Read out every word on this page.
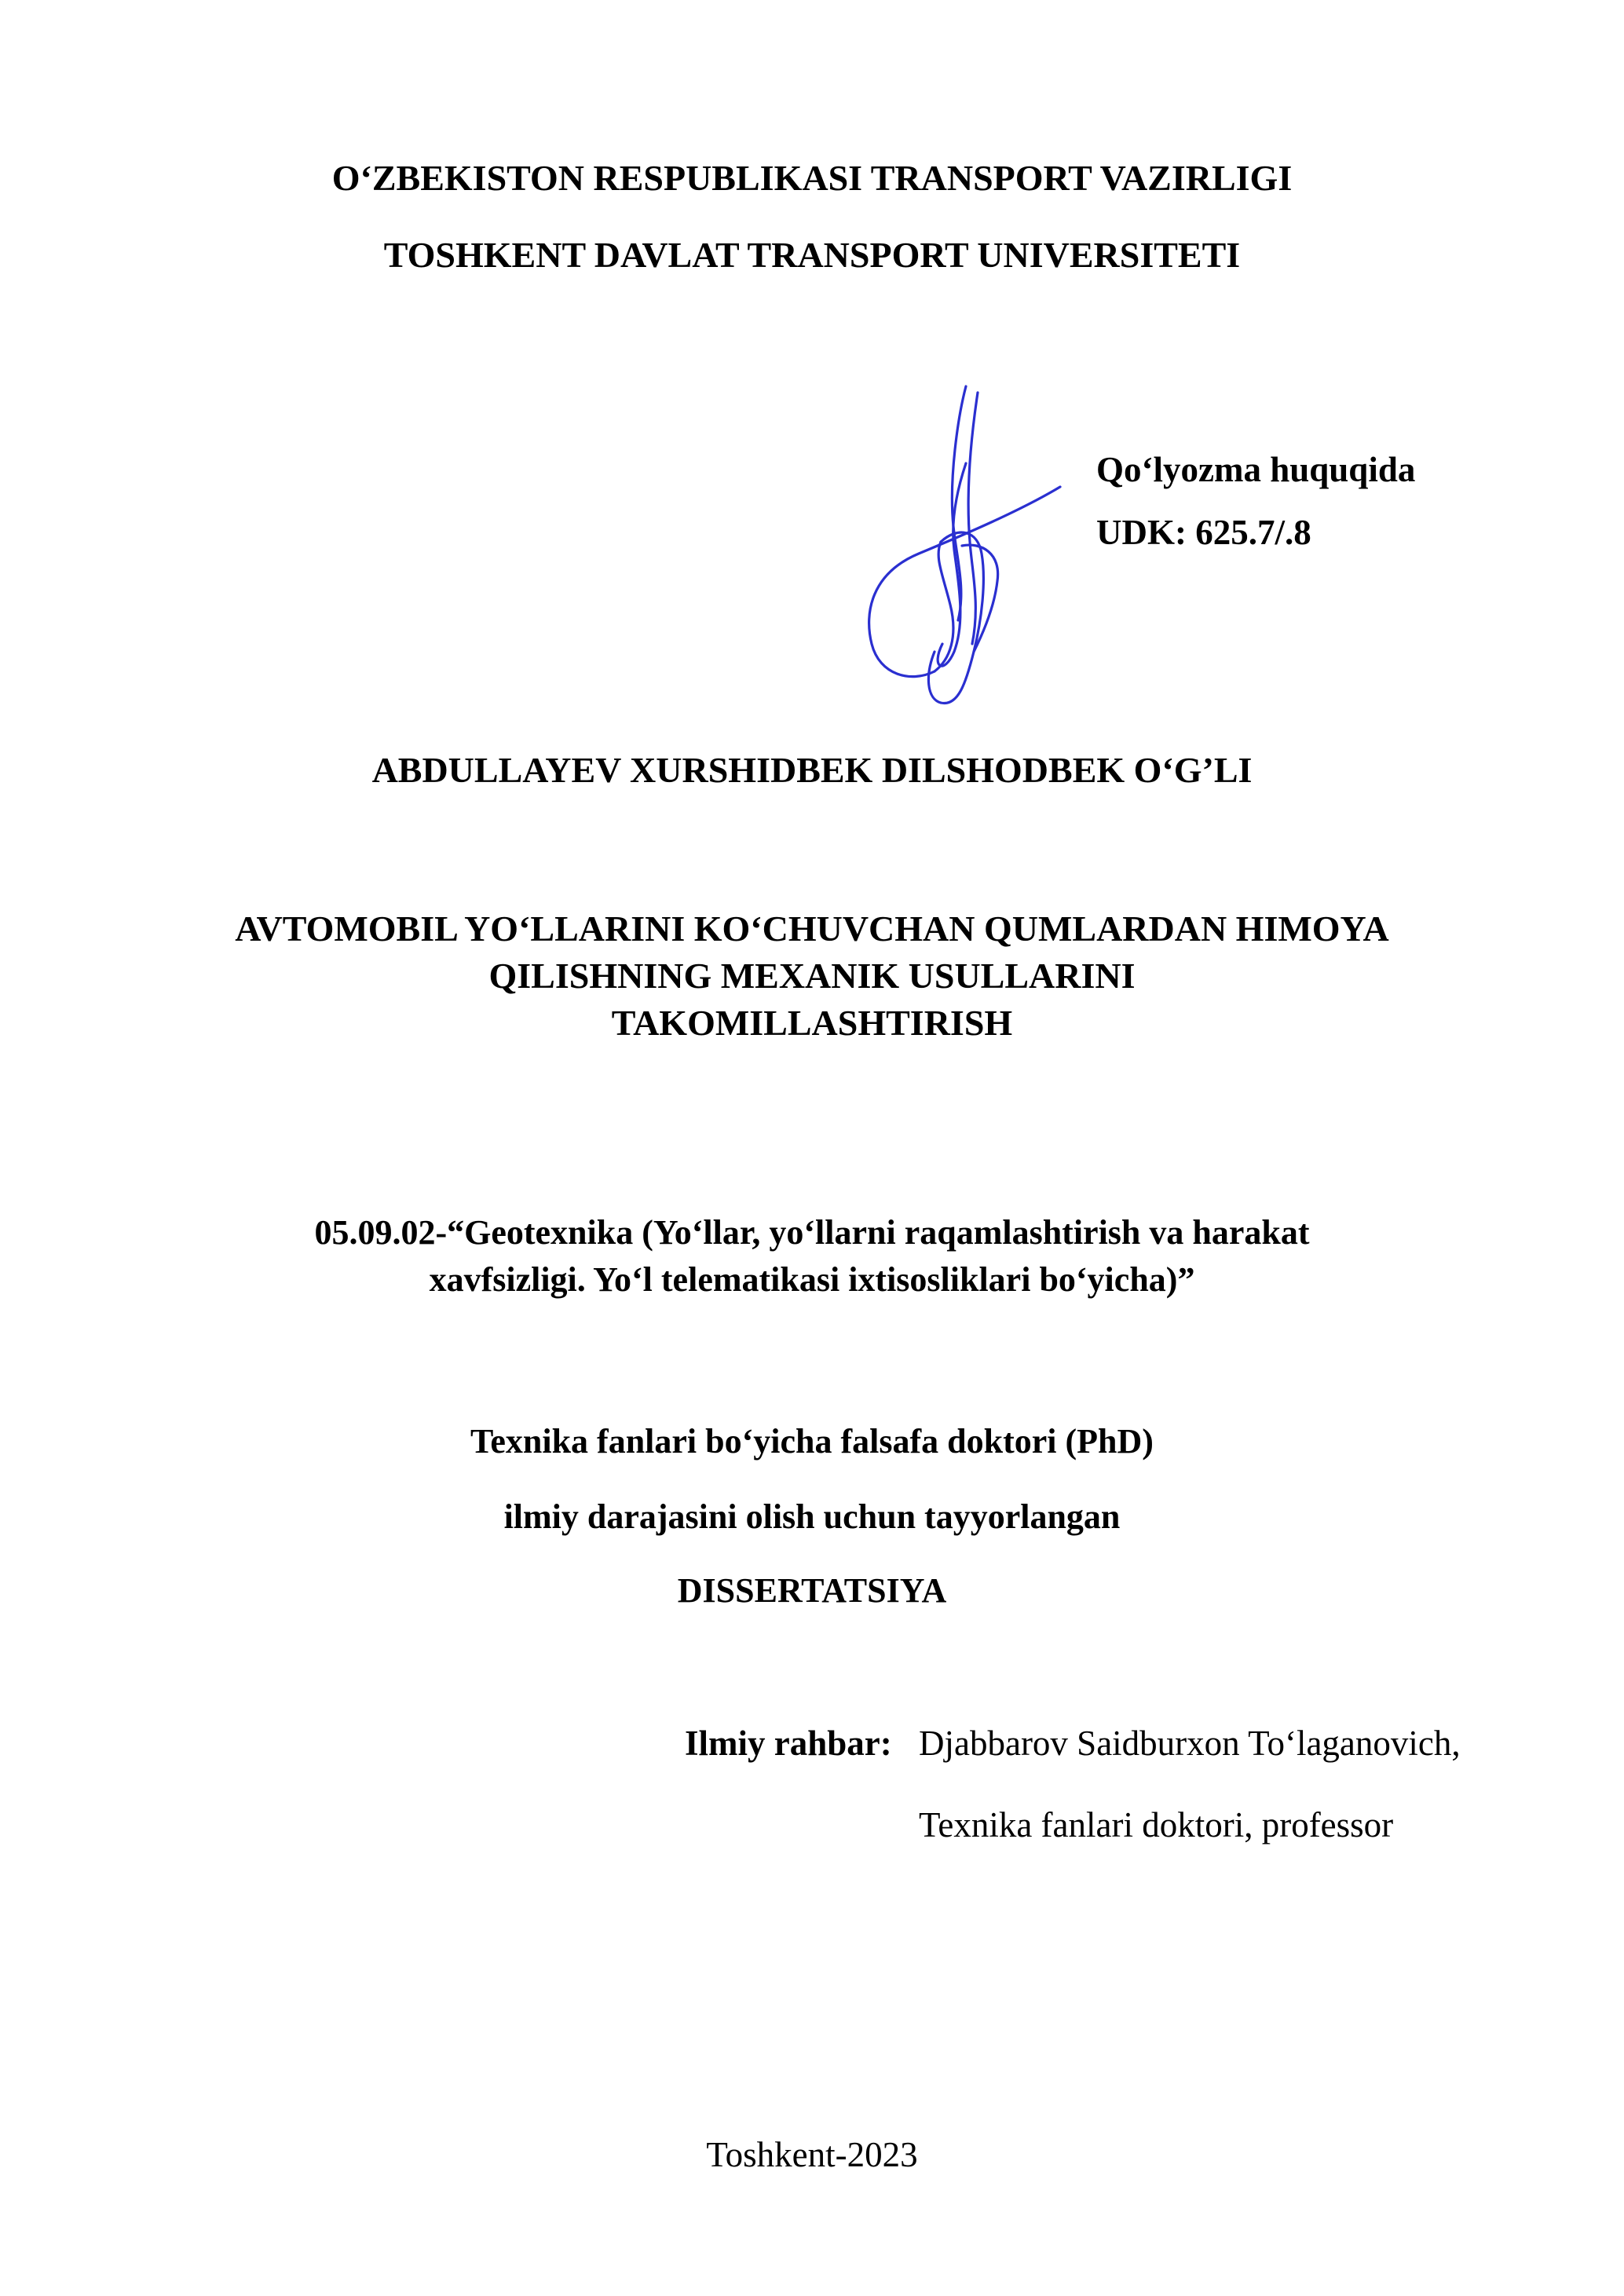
O‘ZBEKISTON RESPUBLIKASI TRANSPORT VAZIRLIGI
TOSHKENT DAVLAT TRANSPORT UNIVERSITETI
Qo‘lyozma huquqida
UDK: 625.7/.8
ABDULLAYEV XURSHIDBEK DILSHODBEK O‘G’LI
AVTOMOBIL YO‘LLARINI KO‘CHUVCHAN QUMLARDAN HIMOYA
QILISHNING MEXANIK USULLARINI
TAKOMILLASHTIRISH
05.09.02-“Geotexnika (Yo‘llar, yo‘llarni raqamlashtirish va harakat
xavfsizligi. Yo‘l telematikasi ixtisosliklari bo‘yicha)”
Texnika fanlari bo‘yicha falsafa doktori (PhD)
ilmiy darajasini olish uchun tayyorlangan
DISSERTATSIYA
Ilmiy rahbar: Djabbarov Saidburxon To‘laganovich,
Texnika fanlari doktori, professor
Toshkent-2023
